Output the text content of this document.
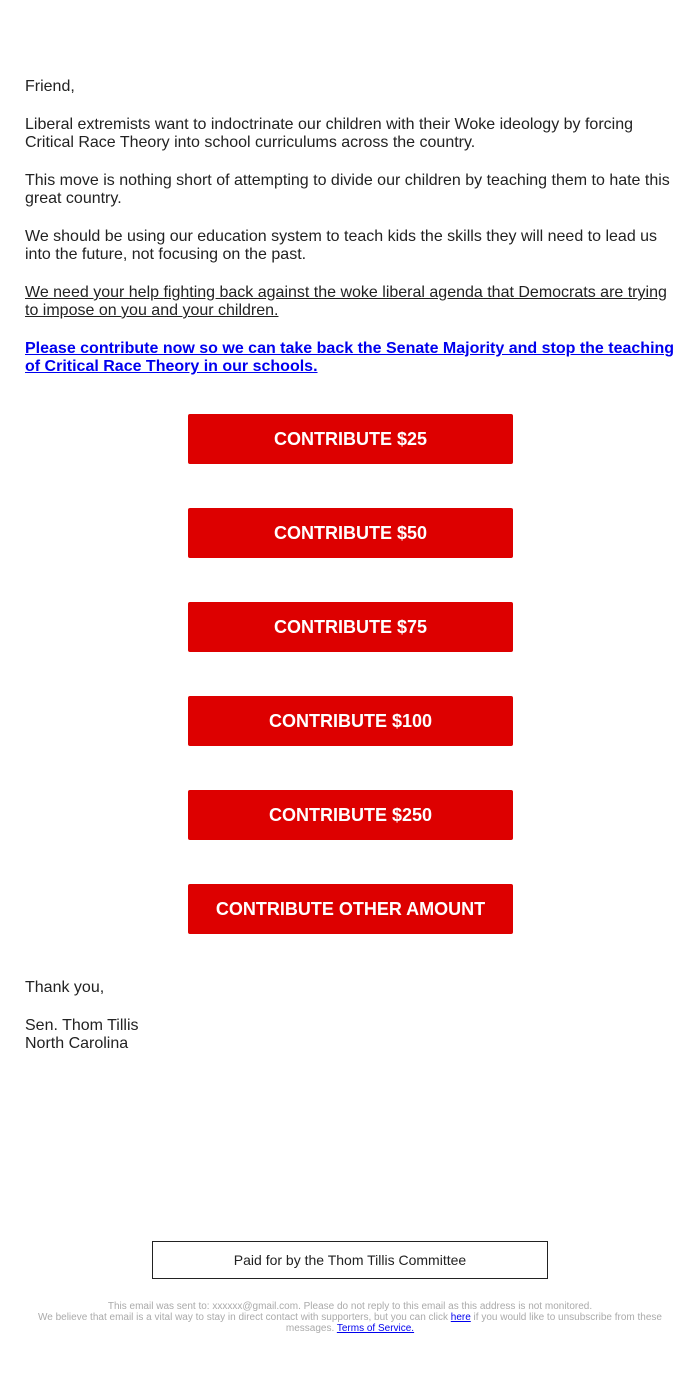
Friend,

Liberal extremists want to indoctrinate our children with their Woke ideology by forcing Critical Race Theory into school curriculums across the country.

This move is nothing short of attempting to divide our children by teaching them to hate this great country.

We should be using our education system to teach kids the skills they will need to lead us into the future, not focusing on the past.

We need your help fighting back against the woke liberal agenda that Democrats are trying to impose on you and your children.

Please contribute now so we can take back the Senate Majority and stop the teaching of Critical Race Theory in our schools.

CONTRIBUTE $25
CONTRIBUTE $50
CONTRIBUTE $75
CONTRIBUTE $100
CONTRIBUTE $250
CONTRIBUTE OTHER AMOUNT

Thank you,

Sen. Thom Tillis
North Carolina
Paid for by the Thom Tillis Committee
This email was sent to: xxxxxx@gmail.com. Please do not reply to this email as this address is not monitored.
We believe that email is a vital way to stay in direct contact with supporters, but you can click here if you would like to unsubscribe from these messages. Terms of Service.
